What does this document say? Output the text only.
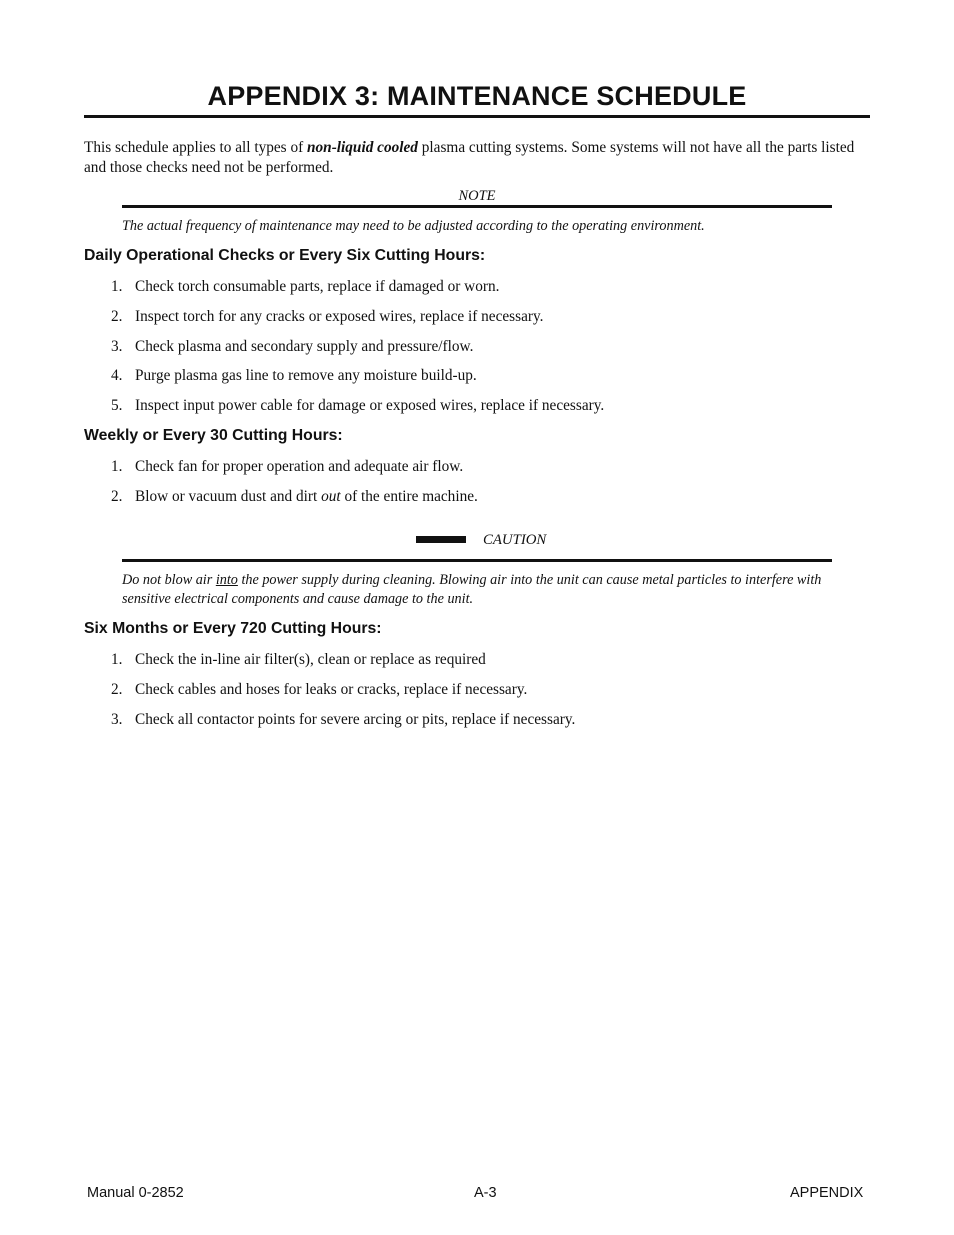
APPENDIX 3: MAINTENANCE SCHEDULE

This schedule applies to all types of non-liquid cooled plasma cutting systems. Some systems will not have all the parts listed and those checks need not be performed.

NOTE

The actual frequency of maintenance may need to be adjusted according to the operating environment.

Daily Operational Checks or Every Six Cutting Hours:
1. Check torch consumable parts, replace if damaged or worn.
2. Inspect torch for any cracks or exposed wires, replace if necessary.
3. Check plasma and secondary supply and pressure/flow.
4. Purge plasma gas line to remove any moisture build-up.
5. Inspect input power cable for damage or exposed wires, replace if necessary.
Weekly or Every 30 Cutting Hours:
1. Check fan for proper operation and adequate air flow.
2. Blow or vacuum dust and dirt out of the entire machine.
CAUTION

Do not blow air into the power supply during cleaning. Blowing air into the unit can cause metal particles to interfere with sensitive electrical components and cause damage to the unit.

Six Months or Every 720 Cutting Hours:
1. Check the in-line air filter(s), clean or replace as required
2. Check cables and hoses for leaks or cracks, replace if necessary.
3. Check all contactor points for severe arcing or pits, replace if necessary.
Manual 0-2852	A-3	APPENDIX
